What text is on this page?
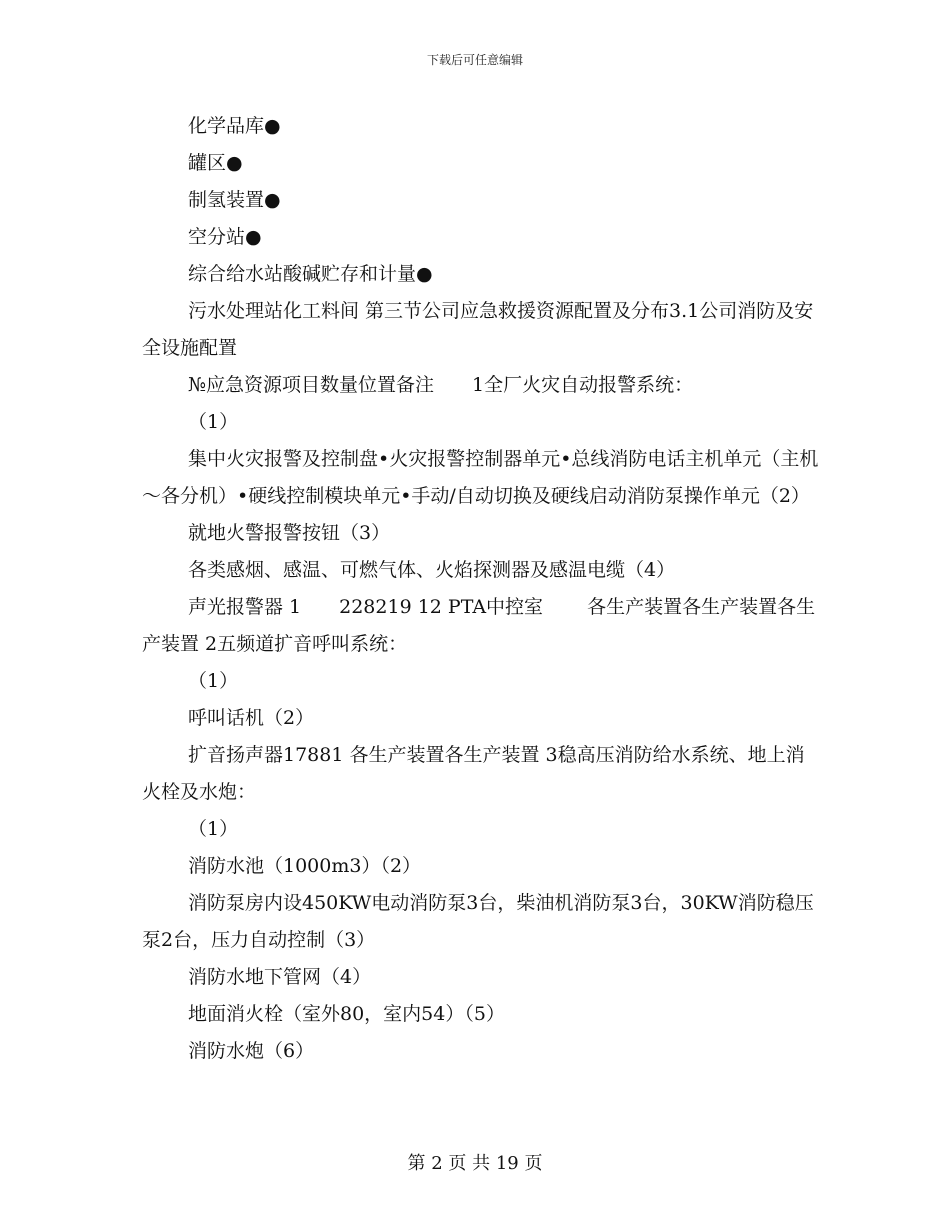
下载后可任意编辑

化学品库●

罐区●

制氢装置●

空分站●

综合给水站酸碱贮存和计量●

污水处理站化工料间 第三节公司应急救援资源配置及分布3.1公司消防及安全设施配置

№应急资源项目数量位置备注　　1全厂火灾自动报警系统：

（1）

集中火灾报警及控制盘•火灾报警控制器单元•总线消防电话主机单元（主机～各分机）•硬线控制模块单元•手动/自动切换及硬线启动消防泵操作单元（2）

就地火警报警按钮（3）

各类感烟、感温、可燃气体、火焰探测器及感温电缆（4）

声光报警器 1　　228219 12 PTA中控室　　 各生产装置各生产装置各生产装置 2五频道扩音呼叫系统：

（1）

呼叫话机（2）

扩音扬声器17881 各生产装置各生产装置 3稳高压消防给水系统、地上消火栓及水炮：

（1）

消防水池（1000m3）（2）

消防泵房内设450KW电动消防泵3台，柴油机消防泵3台，30KW消防稳压泵2台，压力自动控制（3）

消防水地下管网（4）

地面消火栓（室外80，室内54）（5）

消防水炮（6）

第 2 页 共 19 页
